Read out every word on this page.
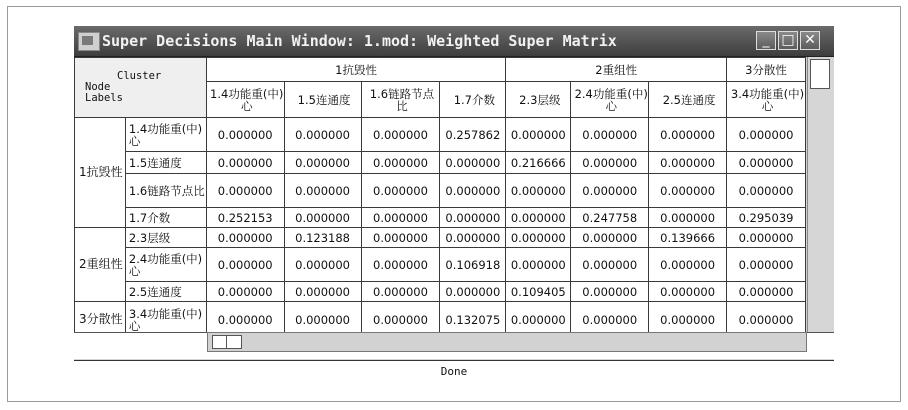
Super Decisions Main Window: 1.mod: Weighted Super Matrix	_ □ ✕
Cluster
Node
Labels		1抗毁性				2重组性			3分散性
		1.4功能重(中)心	1.5连通度	1.6链路节点比	1.7介数	2.3层级	2.4功能重(中)心	2.5连通度	3.4功能重(中)心
1抗毁性	1.4功能重(中)心	0.000000	0.000000	0.000000	0.257862	0.000000	0.000000	0.000000	0.000000
	1.5连通度	0.000000	0.000000	0.000000	0.000000	0.216666	0.000000	0.000000	0.000000
	1.6链路节点比	0.000000	0.000000	0.000000	0.000000	0.000000	0.000000	0.000000	0.000000
	1.7介数	0.252153	0.000000	0.000000	0.000000	0.000000	0.247758	0.000000	0.295039
2重组性	2.3层级	0.000000	0.123188	0.000000	0.000000	0.000000	0.000000	0.139666	0.000000
	2.4功能重(中)心	0.000000	0.000000	0.000000	0.106918	0.000000	0.000000	0.000000	0.000000
	2.5连通度	0.000000	0.000000	0.000000	0.000000	0.109405	0.000000	0.000000	0.000000
3分散性	3.4功能重(中)心	0.000000	0.000000	0.000000	0.132075	0.000000	0.000000	0.000000	0.000000
Done
